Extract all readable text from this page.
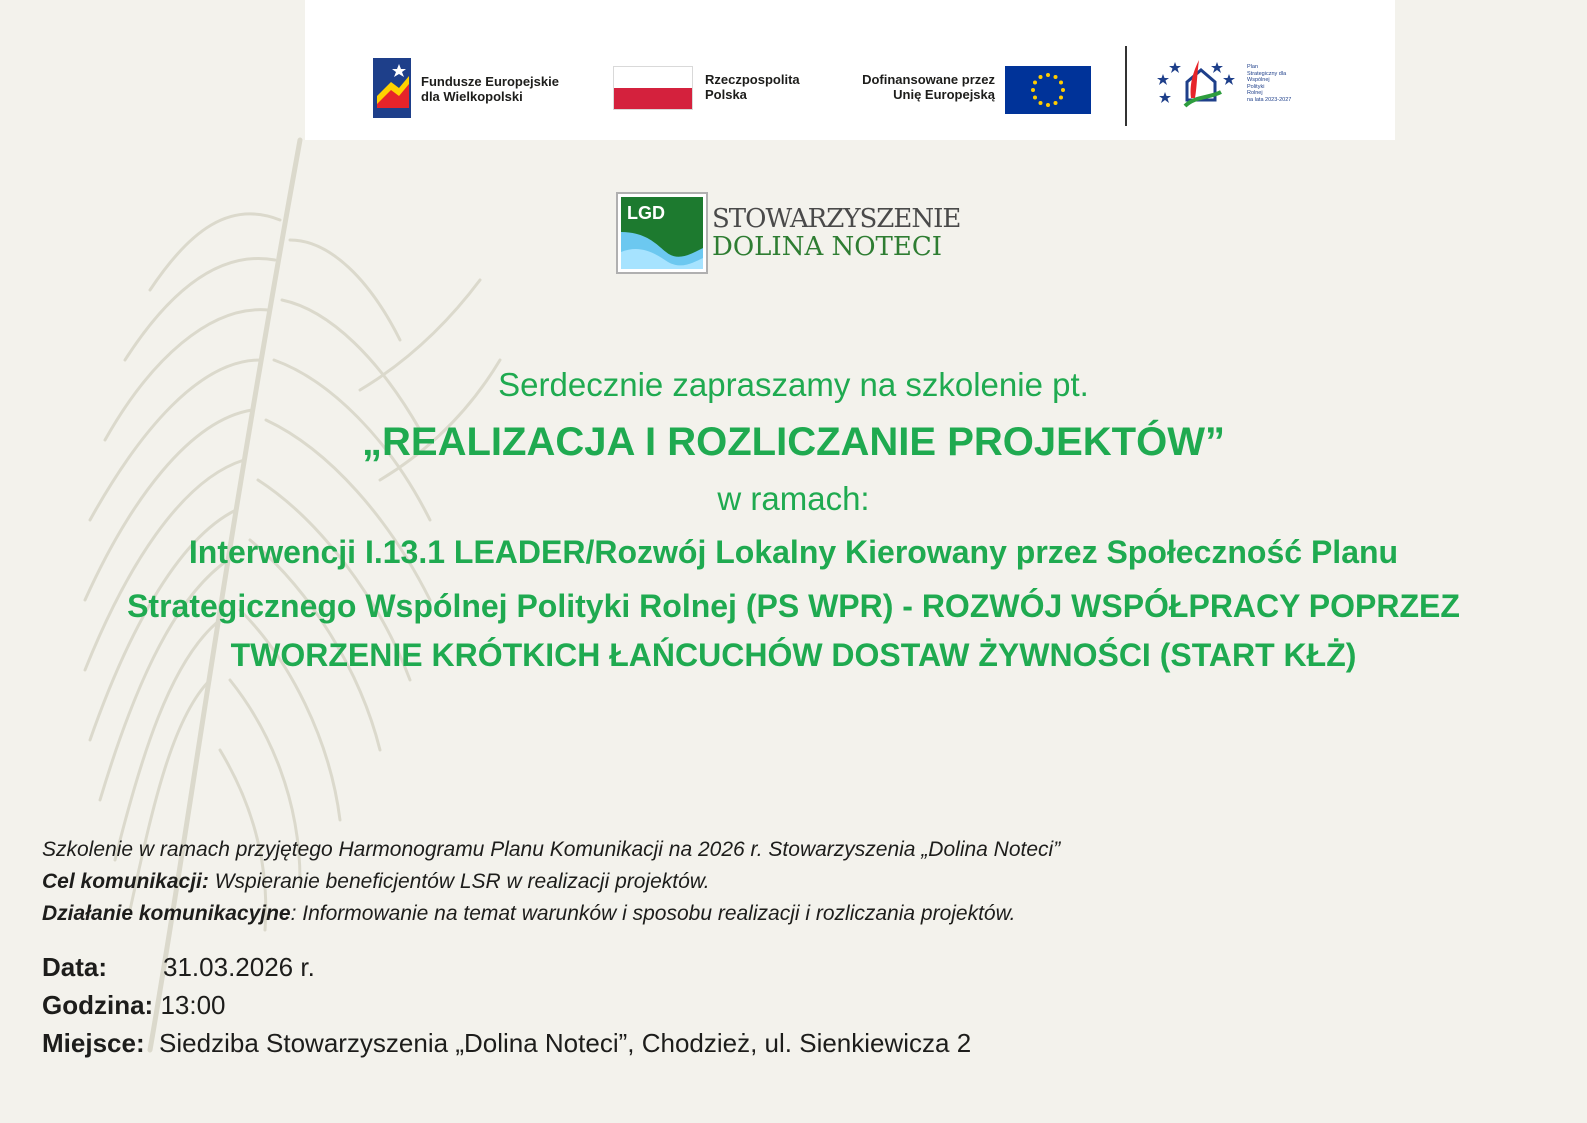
Fundusze Europejskie
dla Wielkopolski
Rzeczpospolita
Polska
Dofinansowane przez
Unię Europejską
Plan
Strategiczny dla
Wspólnej
Polityki
Rolnej
na lata 2023-2027
LGD STOWARZYSZENIE
DOLINA NOTECI
Serdecznie zapraszamy na szkolenie pt.
„REALIZACJA I ROZLICZANIE PROJEKTÓW”
w ramach:
Interwencji I.13.1 LEADER/Rozwój Lokalny Kierowany przez Społeczność Planu
Strategicznego Wspólnej Polityki Rolnej (PS WPR) - ROZWÓJ WSPÓŁPRACY POPRZEZ
TWORZENIE KRÓTKICH ŁAŃCUCHÓW DOSTAW ŻYWNOŚCI (START KŁŻ)
Szkolenie w ramach przyjętego Harmonogramu Planu Komunikacji na 2026 r. Stowarzyszenia „Dolina Noteci”
Cel komunikacji: Wspieranie beneficjentów LSR w realizacji projektów.
Działanie komunikacyjne: Informowanie na temat warunków i sposobu realizacji i rozliczania projektów.
Data: 31.03.2026 r.
Godzina: 13:00
Miejsce:  Siedziba Stowarzyszenia „Dolina Noteci”, Chodzież, ul. Sienkiewicza 2
